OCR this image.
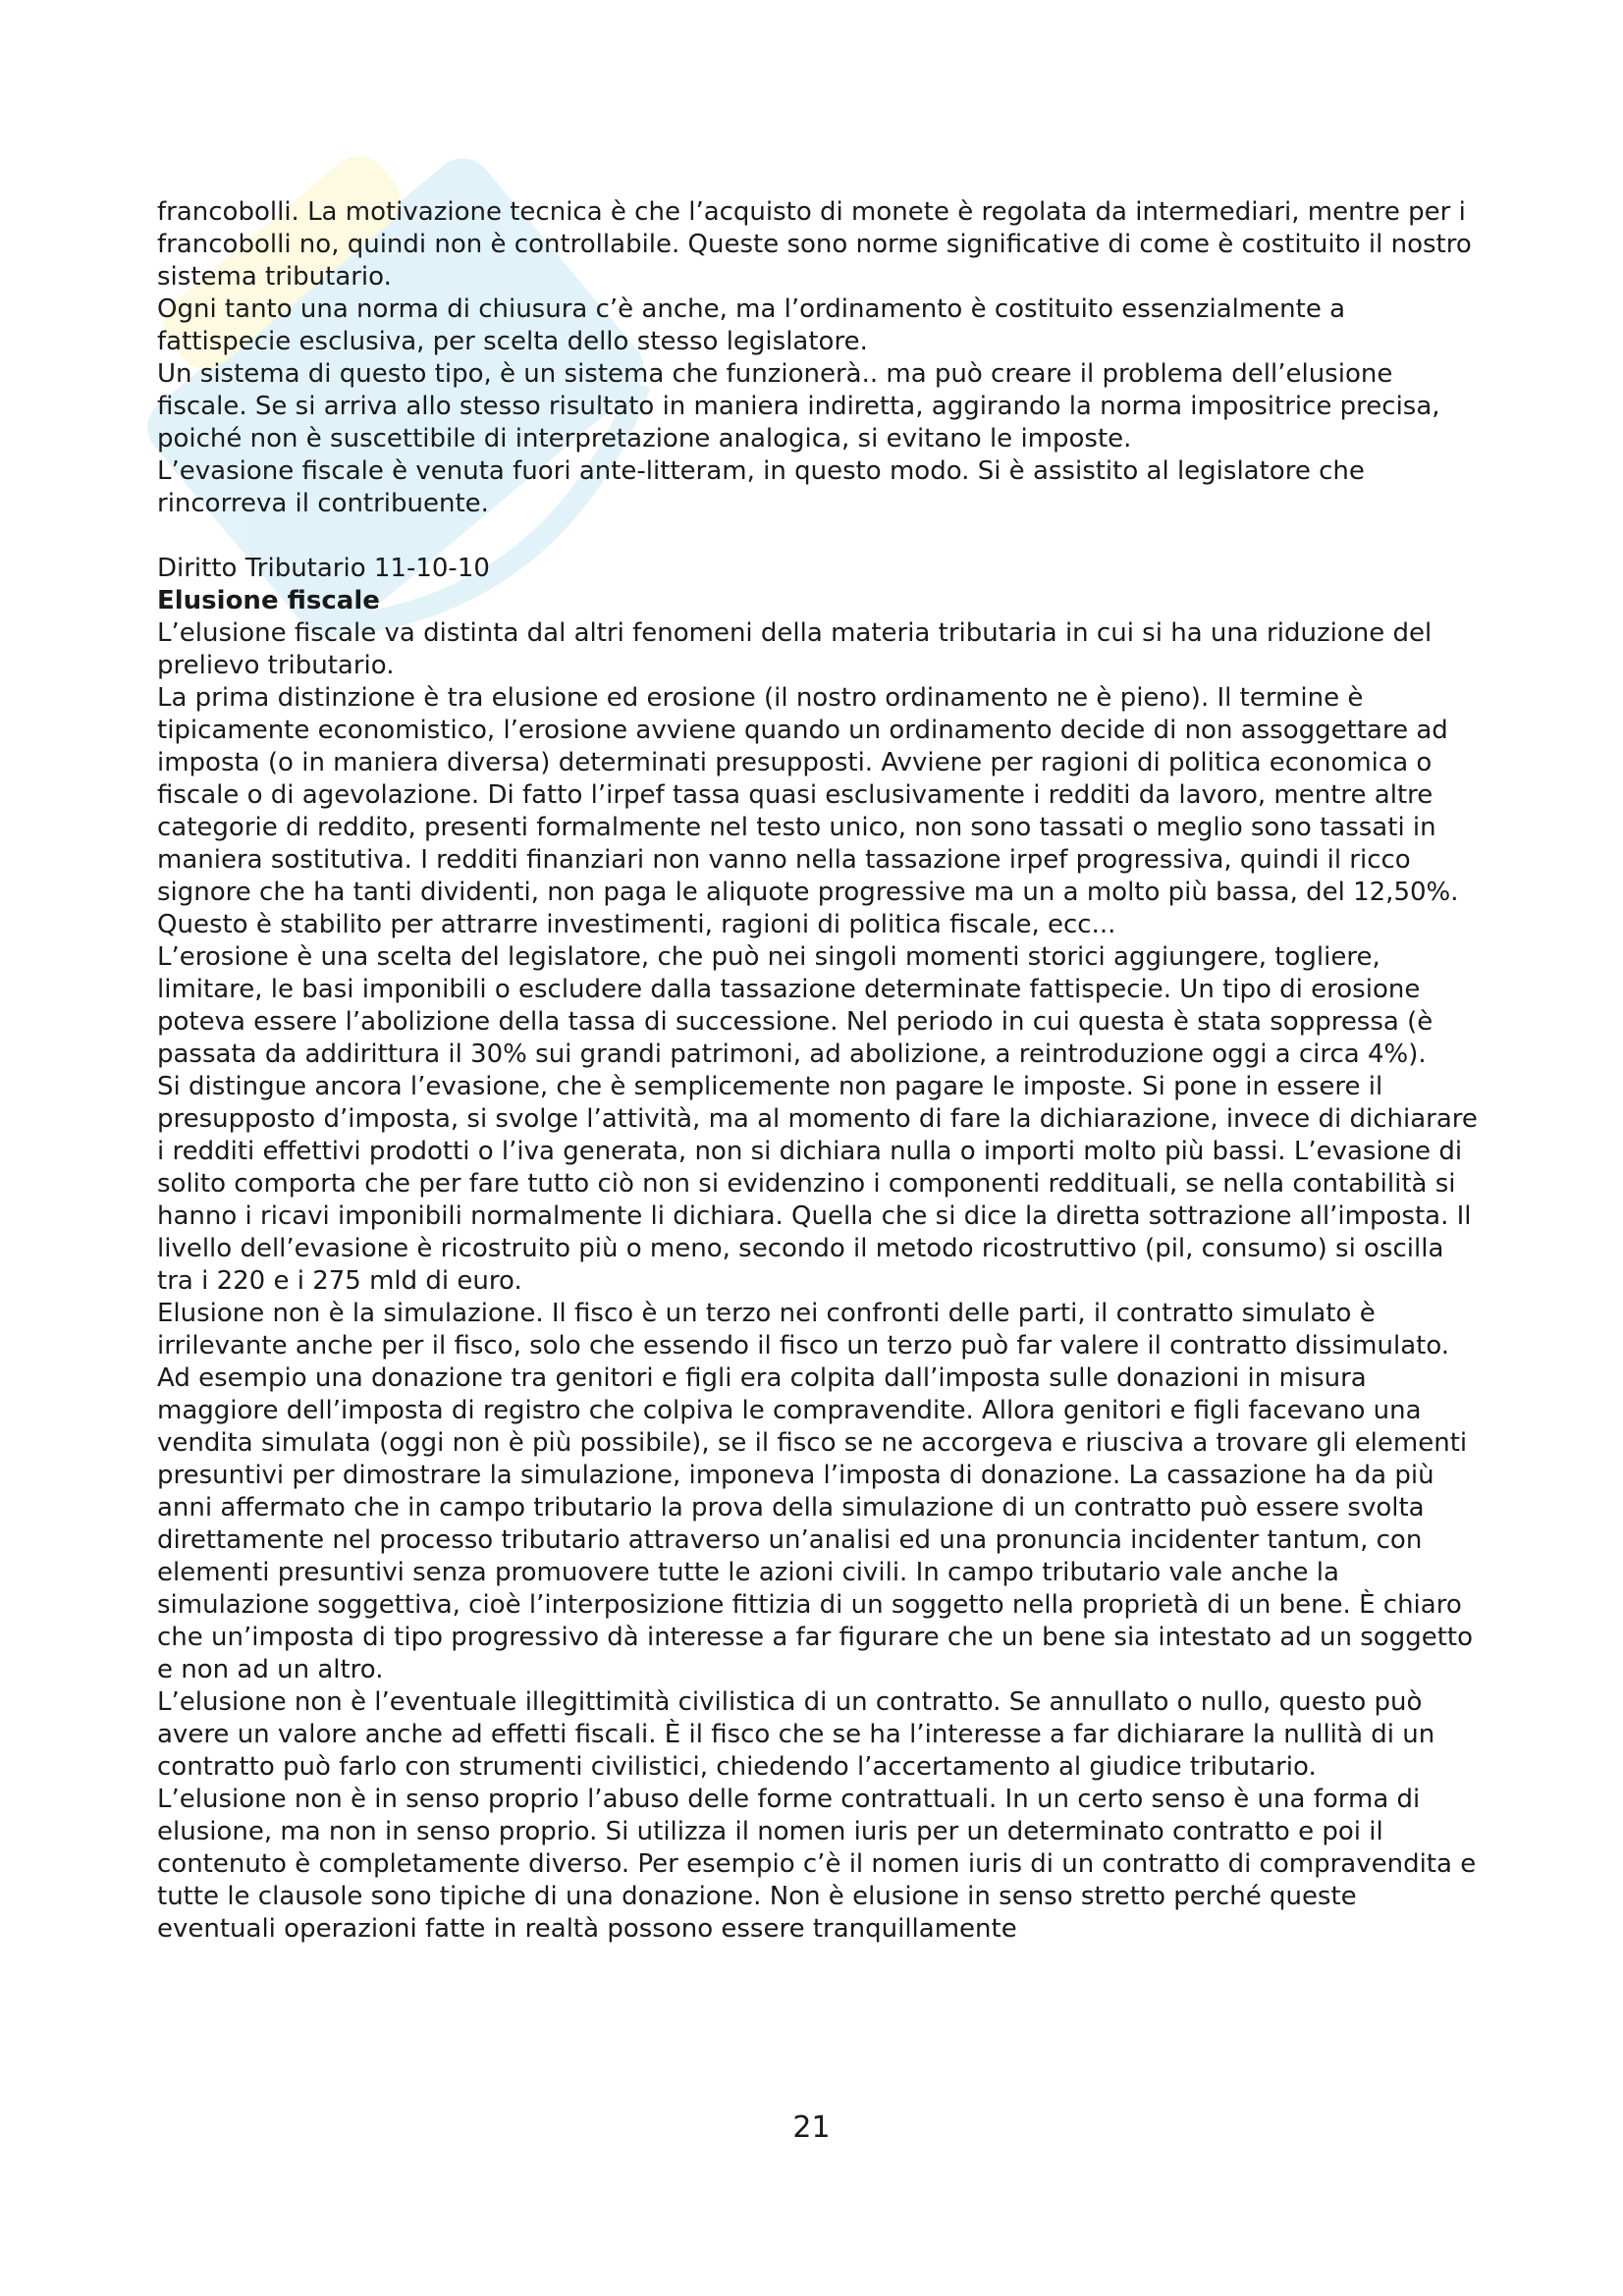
francobolli. La motivazione tecnica è che l’acquisto di monete è regolata da intermediari, mentre per i francobolli no, quindi non è controllabile. Queste sono norme significative di come è costituito il nostro sistema tributario.

Ogni tanto una norma di chiusura c’è anche, ma l’ordinamento è costituito essenzialmente a fattispecie esclusiva, per scelta dello stesso legislatore.

Un sistema di questo tipo, è un sistema che funzionerà.. ma può creare il problema dell’elusione fiscale. Se si arriva allo stesso risultato in maniera indiretta, aggirando la norma impositrice precisa, poiché non è suscettibile di interpretazione analogica, si evitano le imposte.

L’evasione fiscale è venuta fuori ante-litteram, in questo modo. Si è assistito al legislatore che rincorreva il contribuente.

Diritto Tributario 11-10-10

Elusione fiscale

L’elusione fiscale va distinta dal altri fenomeni della materia tributaria in cui si ha una riduzione del prelievo tributario.

La prima distinzione è tra elusione ed erosione (il nostro ordinamento ne è pieno). Il termine è tipicamente economistico, l’erosione avviene quando un ordinamento decide di non assoggettare ad imposta (o in maniera diversa) determinati presupposti. Avviene per ragioni di politica economica o fiscale o di agevolazione. Di fatto l’irpef tassa quasi esclusivamente i redditi da lavoro, mentre altre categorie di reddito, presenti formalmente nel testo unico, non sono tassati o meglio sono tassati in maniera sostitutiva. I redditi finanziari non vanno nella tassazione irpef progressiva, quindi il ricco signore che ha tanti dividenti, non paga le aliquote progressive ma un a molto più bassa, del 12,50%. Questo è stabilito per attrarre investimenti, ragioni di politica fiscale, ecc...

L’erosione è una scelta del legislatore, che può nei singoli momenti storici aggiungere, togliere, limitare, le basi imponibili o escludere dalla tassazione determinate fattispecie. Un tipo di erosione poteva essere l’abolizione della tassa di successione. Nel periodo in cui questa è stata soppressa (è passata da addirittura il 30% sui grandi patrimoni, ad abolizione, a reintroduzione oggi a circa 4%).

Si distingue ancora l’evasione, che è semplicemente non pagare le imposte. Si pone in essere il presupposto d’imposta, si svolge l’attività, ma al momento di fare la dichiarazione, invece di dichiarare i redditi effettivi prodotti o l’iva generata, non si dichiara nulla o importi molto più bassi. L’evasione di solito comporta che per fare tutto ciò non si evidenzino i componenti reddituali, se nella contabilità si hanno i ricavi imponibili normalmente li dichiara. Quella che si dice la diretta sottrazione all’imposta. Il livello dell’evasione è ricostruito più o meno, secondo il metodo ricostruttivo (pil, consumo) si oscilla tra i 220 e i 275 mld di euro.

Elusione non è la simulazione. Il fisco è un terzo nei confronti delle parti, il contratto simulato è irrilevante anche per il fisco, solo che essendo il fisco un terzo può far valere il contratto dissimulato. Ad esempio una donazione tra genitori e figli era colpita dall’imposta sulle donazioni in misura maggiore dell’imposta di registro che colpiva le compravendite. Allora genitori e figli facevano una vendita simulata (oggi non è più possibile), se il fisco se ne accorgeva e riusciva a trovare gli elementi presuntivi per dimostrare la simulazione, imponeva l’imposta di donazione. La cassazione ha da più anni affermato che in campo tributario la prova della simulazione di un contratto può essere svolta direttamente nel processo tributario attraverso un’analisi ed una pronuncia incidenter tantum, con elementi presuntivi senza promuovere tutte le azioni civili. In campo tributario vale anche la simulazione soggettiva, cioè l’interposizione fittizia di un soggetto nella proprietà di un bene. È chiaro che un’imposta di tipo progressivo dà interesse a far figurare che un bene sia intestato ad un soggetto e non ad un altro.

L’elusione non è l’eventuale illegittimità civilistica di un contratto. Se annullato o nullo, questo può avere un valore anche ad effetti fiscali. È il fisco che se ha l’interesse a far dichiarare la nullità di un contratto può farlo con strumenti civilistici, chiedendo l’accertamento al giudice tributario.

L’elusione non è in senso proprio l’abuso delle forme contrattuali. In un certo senso è una forma di elusione, ma non in senso proprio. Si utilizza il nomen iuris per un determinato contratto e poi il contenuto è completamente diverso. Per esempio c’è il nomen iuris di un contratto di compravendita e tutte le clausole sono tipiche di una donazione. Non è elusione in senso stretto perché queste eventuali operazioni fatte in realtà possono essere tranquillamente

21
